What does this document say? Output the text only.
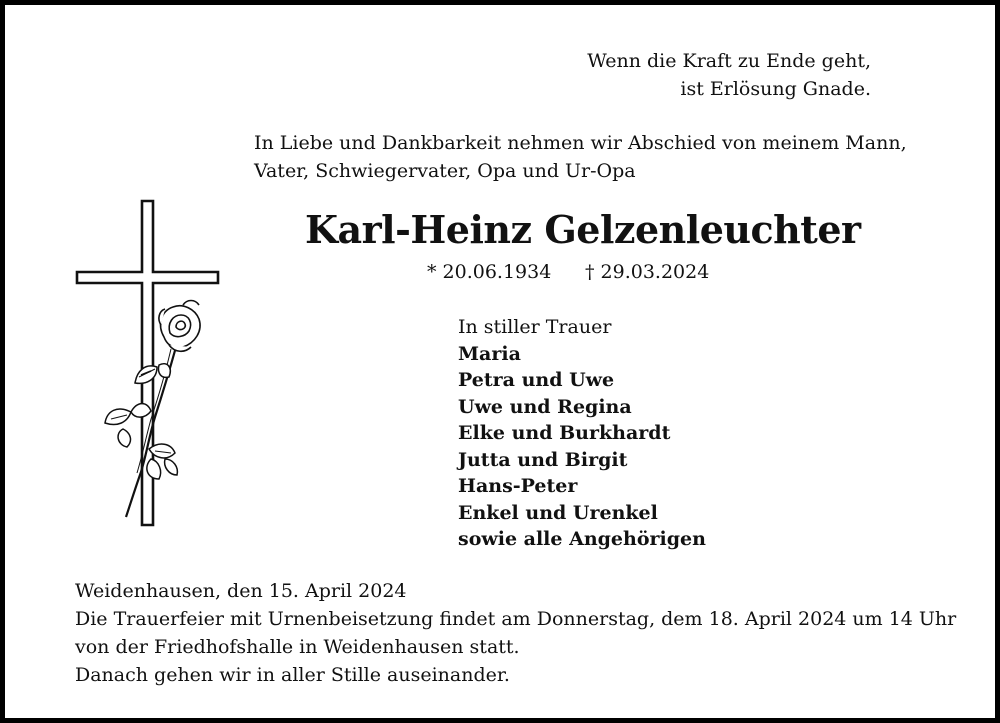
Wenn die Kraft zu Ende geht,
ist Erlösung Gnade.
In Liebe und Dankbarkeit nehmen wir Abschied von meinem Mann,
Vater, Schwiegervater, Opa und Ur-Opa
Karl-Heinz Gelzenleuchter
* 20.06.1934 † 29.03.2024
In stiller Trauer
Maria
Petra und Uwe
Uwe und Regina
Elke und Burkhardt
Jutta und Birgit
Hans-Peter
Enkel und Urenkel
sowie alle Angehörigen
Weidenhausen, den 15. April 2024
Die Trauerfeier mit Urnenbeisetzung findet am Donnerstag, dem 18. April 2024 um 14 Uhr
von der Friedhofshalle in Weidenhausen statt.
Danach gehen wir in aller Stille auseinander.
